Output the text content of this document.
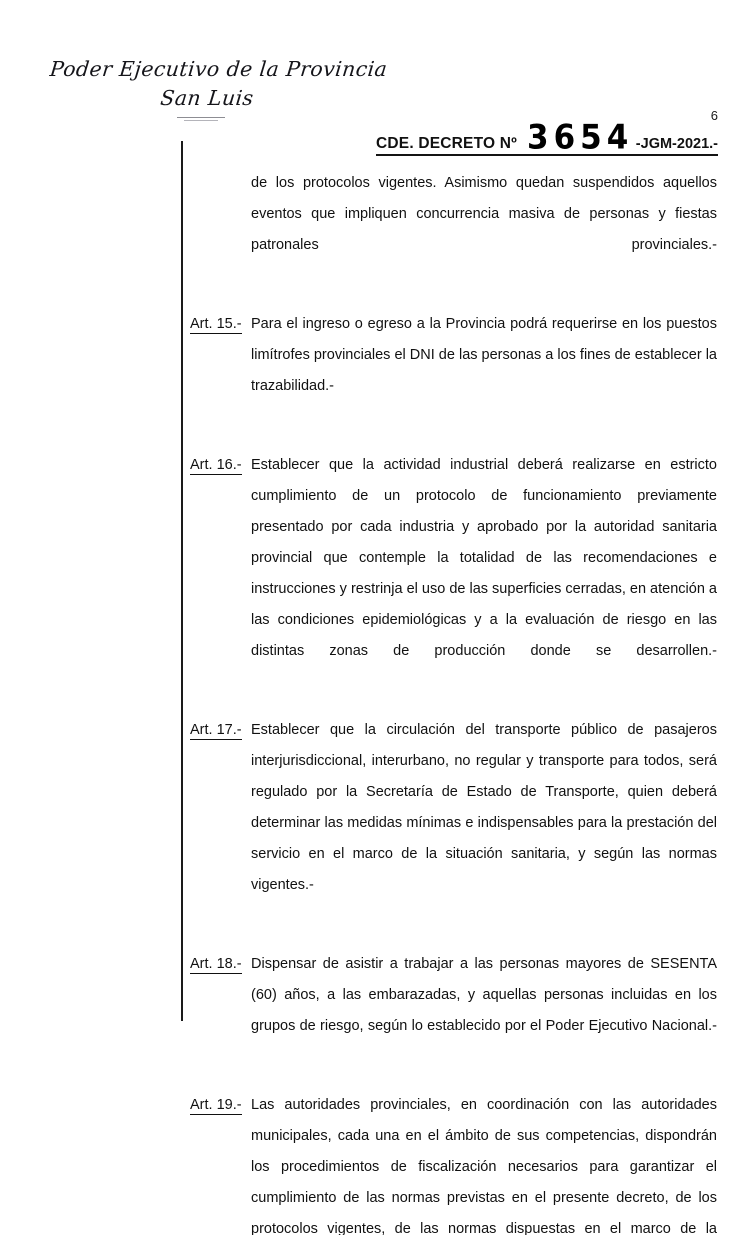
Poder Ejecutivo de la Provincia
San Luis
6
CDE. DECRETO Nº 3654 -JGM-2021.-
de los protocolos vigentes. Asimismo quedan suspendidos aquellos eventos que impliquen concurrencia masiva de personas y fiestas patronales provinciales.-
Art. 15.- Para el ingreso o egreso a la Provincia podrá requerirse en los puestos limítrofes provinciales el DNI de las personas a los fines de establecer la trazabilidad.-
Art. 16.- Establecer que la actividad industrial deberá realizarse en estricto cumplimiento de un protocolo de funcionamiento previamente presentado por cada industria y aprobado por la autoridad sanitaria provincial que contemple la totalidad de las recomendaciones e instrucciones y restrinja el uso de las superficies cerradas, en atención a las condiciones epidemiológicas y a la evaluación de riesgo en las distintas zonas de producción donde se desarrollen.-
Art. 17.- Establecer que la circulación del transporte público de pasajeros interjurisdiccional, interurbano, no regular y transporte para todos, será regulado por la Secretaría de Estado de Transporte, quien deberá determinar las medidas mínimas e indispensables para la prestación del servicio en el marco de la situación sanitaria, y según las normas vigentes.-
Art. 18.- Dispensar de asistir a trabajar a las personas mayores de SESENTA (60) años, a las embarazadas, y aquellas personas incluidas en los grupos de riesgo, según lo establecido por el Poder Ejecutivo Nacional.-
Art. 19.- Las autoridades provinciales, en coordinación con las autoridades municipales, cada una en el ámbito de sus competencias, dispondrán los procedimientos de fiscalización necesarios para garantizar el cumplimiento de las normas previstas en el presente decreto, de los protocolos vigentes, de las normas dispuestas en el marco de la
